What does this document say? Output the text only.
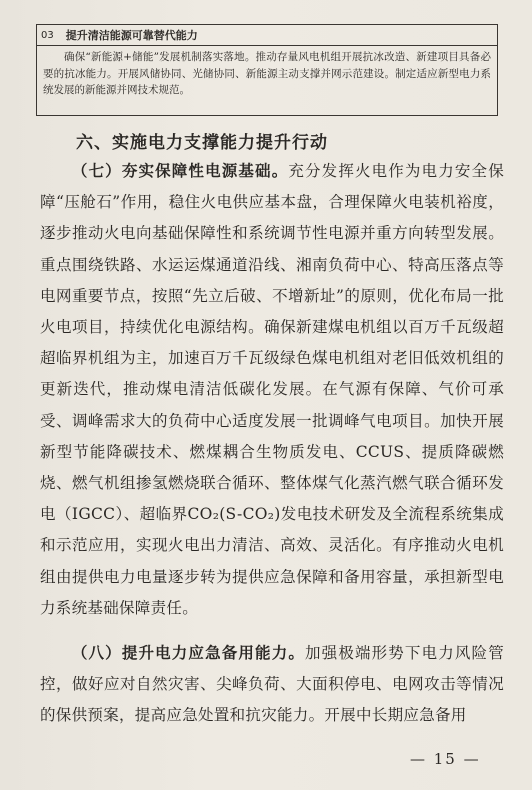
03 提升清洁能源可靠替代能力
确保“新能源+储能”发展机制落实落地。推动存量风电机组开展抗冰改造、新建项目具备必要的抗冰能力。开展风储协同、光储协同、新能源主动支撑并网示范建设。制定适应新型电力系统发展的新能源并网技术规范。
六、实施电力支撑能力提升行动
（七）夯实保障性电源基础。充分发挥火电作为电力安全保障“压舱石”作用，稳住火电供应基本盘，合理保障火电装机裕度，逐步推动火电向基础保障性和系统调节性电源并重方向转型发展。重点围绕铁路、水运运煤通道沿线、湘南负荷中心、特高压落点等电网重要节点，按照“先立后破、不增新址”的原则，优化布局一批火电项目，持续优化电源结构。确保新建煤电机组以百万千瓦级超超临界机组为主，加速百万千瓦级绿色煤电机组对老旧低效机组的更新迭代，推动煤电清洁低碳化发展。在气源有保障、气价可承受、调峰需求大的负荷中心适度发展一批调峰气电项目。加快开展新型节能降碳技术、燃煤耦合生物质发电、CCUS、提质降碳燃烧、燃气机组掺氢燃烧联合循环、整体煤气化蒸汽燃气联合循环发电（IGCC）、超临界CO₂(S-CO₂)发电技术研发及全流程系统集成和示范应用，实现火电出力清洁、高效、灵活化。有序推动火电机组由提供电力电量逐步转为提供应急保障和备用容量，承担新型电力系统基础保障责任。
（八）提升电力应急备用能力。加强极端形势下电力风险管控，做好应对自然灾害、尖峰负荷、大面积停电、电网攻击等情况的保供预案，提高应急处置和抗灾能力。开展中长期应急备用
— 15 —
